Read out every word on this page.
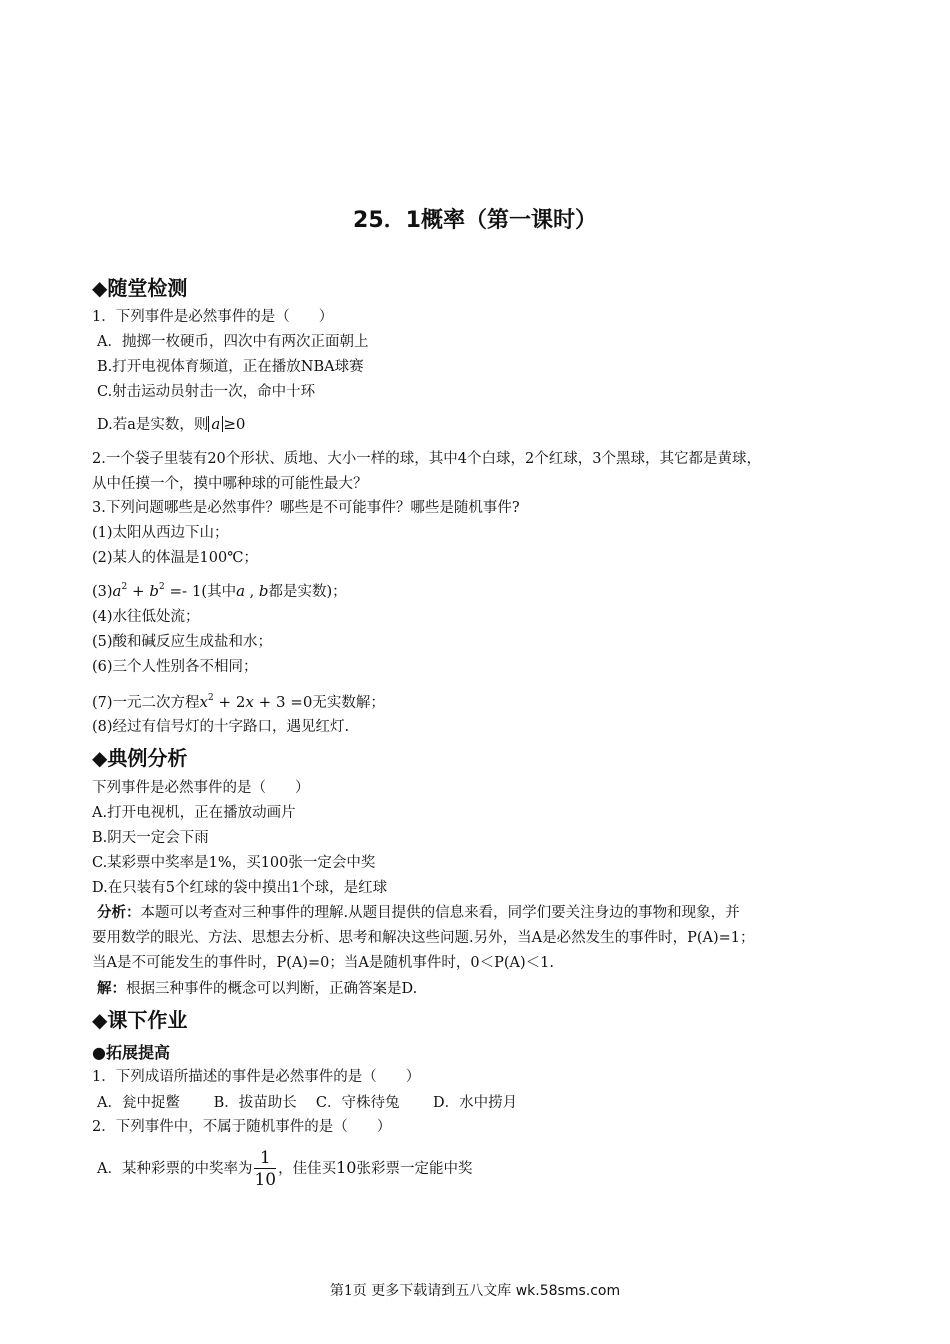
25．1概率（第一课时）
◆随堂检测
1．下列事件是必然事件的是（　　）
A．抛掷一枚硬币，四次中有两次正面朝上
B.打开电视体育频道，正在播放NBA球赛
C.射击运动员射击一次，命中十环
D.若a是实数，则 a ≥0
2.一个袋子里装有20个形状、质地、大小一样的球，其中4个白球，2个红球，3个黑球，其它都是黄球，
从中任摸一个，摸中哪种球的可能性最大？
3.下列问题哪些是必然事件？哪些是不可能事件？哪些是随机事件?
(1)太阳从西边下山；
(2)某人的体温是100℃；
$(3)a^2 + b^2 =- 1$(其中a , b都是实数)；
(4)水往低处流；
(5)酸和碱反应生成盐和水；
(6)三个人性别各不相同；
(7)一元二次方程$x^2 + 2x + 3 =0$无实数解；
(8)经过有信号灯的十字路口，遇见红灯.
◆典例分析
下列事件是必然事件的是（　　）
A.打开电视机，正在播放动画片
B.阴天一定会下雨
C.某彩票中奖率是1%，买100张一定会中奖
D.在只装有5个红球的袋中摸出1个球，是红球
分析：本题可以考查对三种事件的理解.从题目提供的信息来看，同学们要关注身边的事物和现象，并
要用数学的眼光、方法、思想去分析、思考和解决这些问题.另外，当A是必然发生的事件时，P(A)=1；
当A是不可能发生的事件时，P(A)=0；当A是随机事件时，0＜P(A)＜1.
解：根据三种事件的概念可以判断，正确答案是D.
◆课下作业
●拓展提高
1．下列成语所描述的事件是必然事件的是（　　）
A．瓮中捉鳖　　 B．拔苗助长　 C．守株待兔　　 D．水中捞月
2．下列事件中，不属于随机事件的是（　　）
A．某种彩票的中奖率为 $\frac{1}{10}$ ，佳佳买10张彩票一定能中奖
第1页 更多下载请到五八文库 wk.58sms.com
